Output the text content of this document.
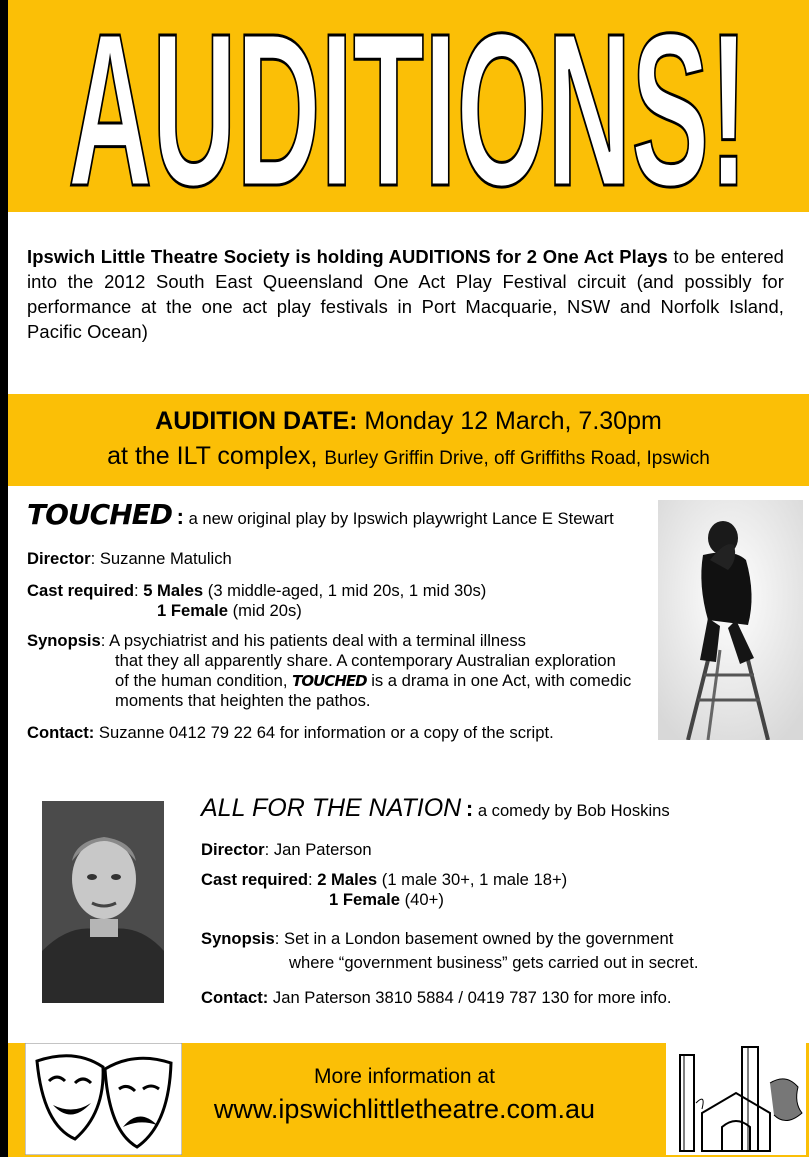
AUDITIONS!
Ipswich Little Theatre Society is holding AUDITIONS for 2 One Act Plays to be entered into the 2012 South East Queensland One Act Play Festival circuit (and possibly for performance at the one act play festivals in Port Macquarie, NSW and Norfolk Island, Pacific Ocean)
AUDITION DATE: Monday 12 March, 7.30pm
at the ILT complex, Burley Griffin Drive, off Griffiths Road, Ipswich
TOUCHED : a new original play by Ipswich playwright Lance E Stewart
Director: Suzanne Matulich
Cast required: 5 Males (3 middle-aged, 1 mid 20s, 1 mid 30s)
1 Female (mid 20s)
Synopsis: A psychiatrist and his patients deal with a terminal illness
that they all apparently share. A contemporary Australian exploration
of the human condition, TOUCHED is a drama in one Act, with comedic
moments that heighten the pathos.
Contact: Suzanne 0412 79 22 64 for information or a copy of the script.
ALL FOR THE NATION : a comedy by Bob Hoskins
Director: Jan Paterson
Cast required: 2 Males (1 male 30+, 1 male 18+)
1 Female (40+)
Synopsis: Set in a London basement owned by the government
where “government business” gets carried out in secret.
Contact: Jan Paterson 3810 5884 / 0419 787 130 for more info.
More information at
www.ipswichlittletheatre.com.au
